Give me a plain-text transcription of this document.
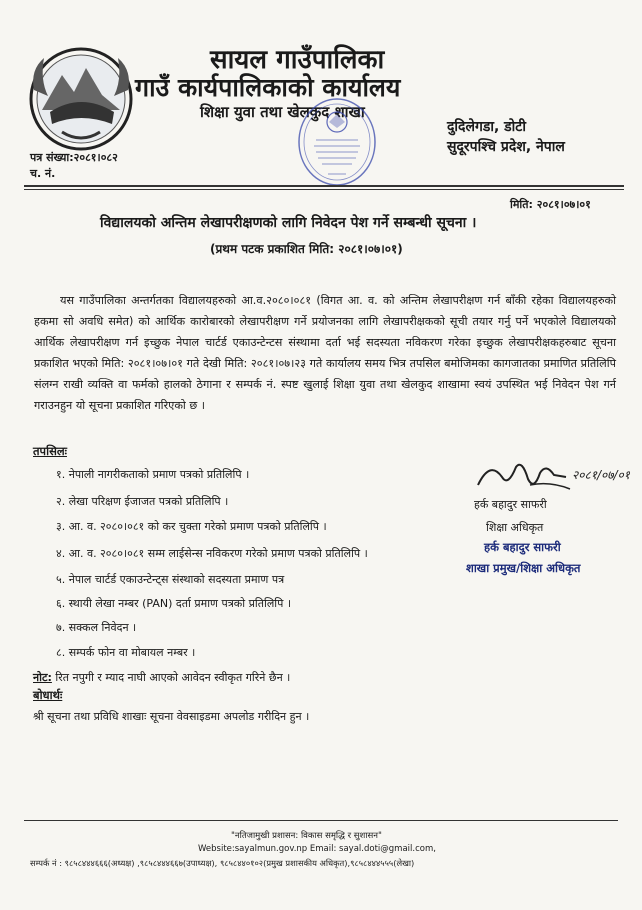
सायल गाउँपालिका
गाउँ कार्यपालिकाको कार्यालय
शिक्षा युवा तथा खेलकुद शाखा
दुदिलेगडा, डोटी
सुदूरपश्चि प्रदेश, नेपाल
पत्र संख्या:२०८१।०८२
च. नं.
मिति: २०८१।०७।०१
विद्यालयको अन्तिम लेखापरीक्षणको लागि निवेदन पेश गर्ने सम्बन्धी सूचना ।
(प्रथम पटक प्रकाशित मिति: २०८१।०७।०१)
यस गाउँपालिका अन्तर्गतका विद्यालयहरुको आ.व.२०८०।०८१ (विगत आ. व. को अन्तिम लेखापरीक्षण गर्न बाँकी रहेका विद्यालयहरुको हकमा सो अवधि समेत) को आर्थिक कारोबारको लेखापरीक्षण गर्ने प्रयोजनका लागि लेखापरीक्षकको सूची तयार गर्नु पर्ने भएकोले विद्यालयको आर्थिक लेखापरीक्षण गर्न इच्छुक नेपाल चार्टर्ड एकाउन्टेन्टस संस्थामा दर्ता भई सदस्यता नविकरण गरेका इच्छुक लेखापरीक्षकहरुबाट सूचना प्रकाशित भएको मिति: २०८१।०७।०१ गते देखी मिति: २०८१।०७।२३ गते कार्यालय समय भित्र तपसिल बमोजिमका कागजातका प्रमाणित प्रतिलिपि संलग्न राखी व्यक्ति वा फर्मको हालको ठेगाना र सम्पर्क नं. स्पष्ट खुलाई शिक्षा युवा तथा खेलकुद शाखामा स्वयं उपस्थित भई निवेदन पेश गर्न गराउनहुन यो सूचना प्रकाशित गरिएको छ ।
तपसिलः
१. नेपाली नागरीकताको प्रमाण पत्रको प्रतिलिपि ।
२. लेखा परिक्षण ईजाजत पत्रको प्रतिलिपि ।
३. आ. व. २०८०।०८१ को कर चुक्ता गरेको प्रमाण पत्रको प्रतिलिपि ।
४. आ. व. २०८०।०८१ सम्म लाईसेन्स नविकरण गरेको प्रमाण पत्रको प्रतिलिपि ।
५. नेपाल चार्टर्ड एकाउन्टेन्ट्स संस्थाको सदस्यता प्रमाण पत्र
६. स्थायी लेखा नम्बर (PAN) दर्ता प्रमाण पत्रको प्रतिलिपि ।
७. सक्कल निवेदन ।
८. सम्पर्क फोन वा मोबायल नम्बर ।
नोट: रित नपुगी र म्याद नाघी आएको आवेदन स्वीकृत गरिने छैन ।
बोधार्थः
श्री सूचना तथा प्रविधि शाखाः सूचना वेवसाइडमा अपलोड गरीदिन हुन ।
२०८१/०७/०१
हर्क बहादुर साफरी
शिक्षा अधिकृत
हर्क बहादुर साफरी
शाखा प्रमुख/शिक्षा अधिकृत
"नतिजामुखी प्रशासन: विकास समृद्धि र सुशासन"
Website:sayalmun.gov.np Email: sayal.doti@gmail.com,
सम्पर्क नं : ९८५८४४४६६६(अध्यक्ष) ,९८५८४४४६६७(उपाध्यक्ष), ९८५८४४०१०२(प्रमुख प्रशासकीय अधिकृत),९८५८४४४५५५(लेखा)
